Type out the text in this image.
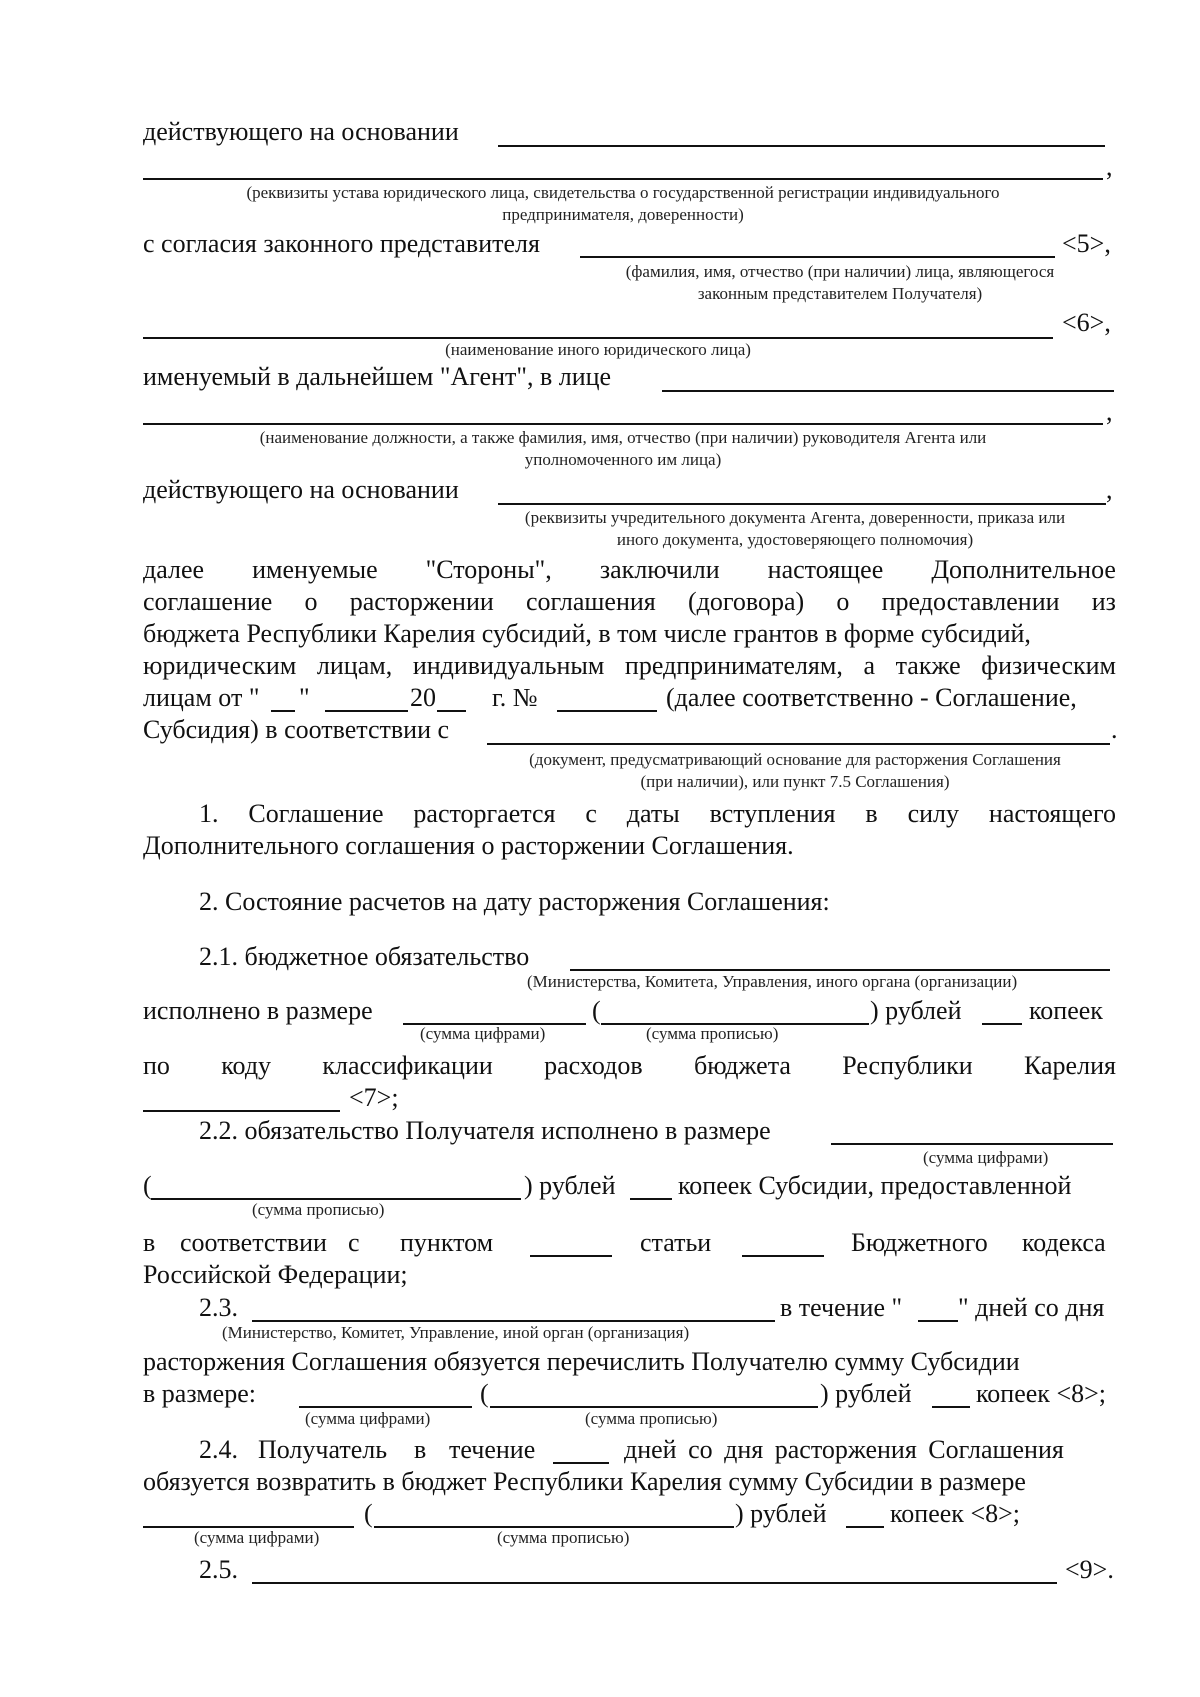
действующего на основании
,
(реквизиты устава юридического лица, свидетельства о государственной регистрации индивидуального
предпринимателя, доверенности)
с согласия законного представителя	<5>,
(фамилия, имя, отчество (при наличии) лица, являющегося
законным представителем Получателя)
<6>,
(наименование иного юридического лица)
именуемый в дальнейшем "Агент", в лице
,
(наименование должности, а также фамилия, имя, отчество (при наличии) руководителя Агента или
уполномоченного им лица)
действующего на основании	,
(реквизиты учредительного документа Агента, доверенности, приказа или
иного документа, удостоверяющего полномочия)
далее именуемые "Стороны", заключили настоящее Дополнительное
соглашение о расторжении соглашения (договора) о предоставлении из
бюджета Республики Карелия субсидий, в том числе грантов в форме субсидий,
юридическим лицам, индивидуальным предпринимателям, а также физическим
лицам от " "	20 г. №	(далее соответственно - Соглашение,
Субсидия) в соответствии с	.
(документ, предусматривающий основание для расторжения Соглашения
(при наличии), или пункт 7.5 Соглашения)
1. Соглашение расторгается с даты вступления в силу настоящего
Дополнительного соглашения о расторжении Соглашения.
2. Состояние расчетов на дату расторжения Соглашения:
2.1. бюджетное обязательство
(Министерства, Комитета, Управления, иного органа (организации)
исполнено в размере	(	) рублей	копеек
(сумма цифрами)	(сумма прописью)
по коду классификации расходов бюджета Республики Карелия
<7>;
2.2. обязательство Получателя исполнено в размере
(сумма цифрами)
(	) рублей копеек Субсидии, предоставленной
(сумма прописью)
в соответствии с пунктом	статьи	Бюджетного кодекса
Российской Федерации;
2.3.	в течение " " дней со дня
(Министерство, Комитет, Управление, иной орган (организация)
расторжения Соглашения обязуется перечислить Получателю сумму Субсидии
в размере:	(	) рублей копеек <8>;
(сумма цифрами)	(сумма прописью)
2.4. Получатель в течение	дней со дня расторжения Соглашения
обязуется возвратить в бюджет Республики Карелия сумму Субсидии в размере
(	) рублей копеек <8>;
(сумма цифрами)	(сумма прописью)
2.5.	<9>.
